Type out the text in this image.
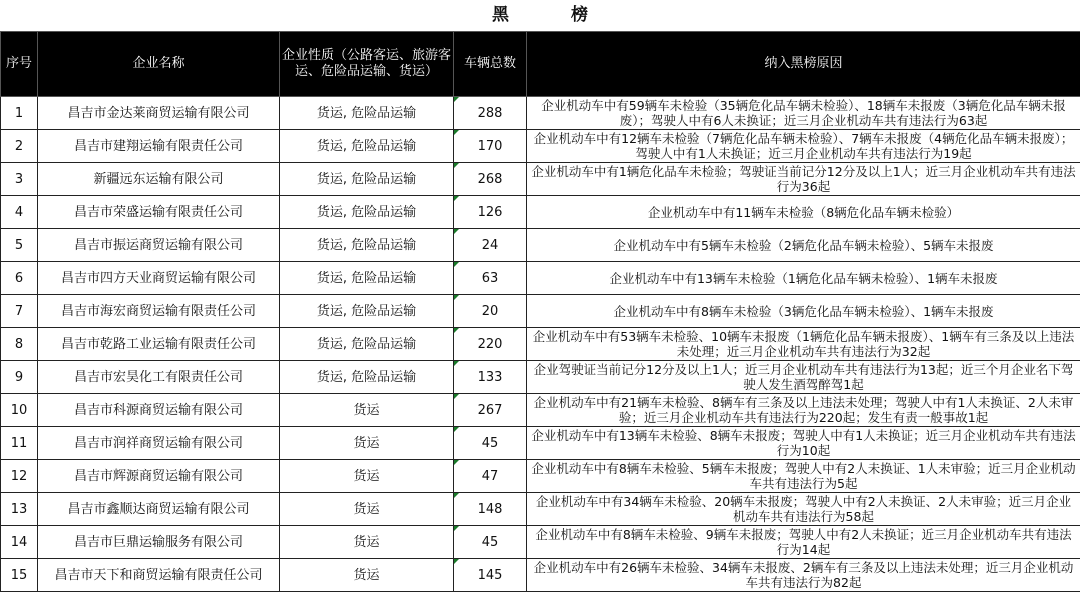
黑 榜
序号	企业名称	企业性质（公路客运、旅游客运、危险品运输、货运）	车辆总数	纳入黑榜原因
1	昌吉市金达莱商贸运输有限公司	货运, 危险品运输	288	企业机动车中有59辆车未检验（35辆危化品车辆未检验）、18辆车未报废（3辆危化品车辆未报废）；驾驶人中有6人未换证；近三月企业机动车共有违法行为63起
2	昌吉市建翔运输有限责任公司	货运, 危险品运输	170	企业机动车中有12辆车未检验（7辆危化品车辆未检验）、7辆车未报废（4辆危化品车辆未报废）；驾驶人中有1人未换证；近三月企业机动车共有违法行为19起
3	新疆远东运输有限公司	货运, 危险品运输	268	企业机动车中有1辆危化品车未检验；驾驶证当前记分12分及以上1人；近三月企业机动车共有违法行为36起
4	昌吉市荣盛运输有限责任公司	货运, 危险品运输	126	企业机动车中有11辆车未检验（8辆危化品车辆未检验）
5	昌吉市振运商贸运输有限公司	货运, 危险品运输	24	企业机动车中有5辆车未检验（2辆危化品车辆未检验）、5辆车未报废
6	昌吉市四方天业商贸运输有限公司	货运, 危险品运输	63	企业机动车中有13辆车未检验（1辆危化品车辆未检验）、1辆车未报废
7	昌吉市海宏商贸运输有限责任公司	货运, 危险品运输	20	企业机动车中有8辆车未检验（3辆危化品车辆未检验）、1辆车未报废
8	昌吉市乾路工业运输有限责任公司	货运, 危险品运输	220	企业机动车中有53辆车未检验、10辆车未报废（1辆危化品车辆未报废）、1辆车有三条及以上违法未处理；近三月企业机动车共有违法行为32起
9	昌吉市宏昊化工有限责任公司	货运, 危险品运输	133	企业驾驶证当前记分12分及以上1人；近三月企业机动车共有违法行为13起；近三个月企业名下驾驶人发生酒驾醉驾1起
10	昌吉市科源商贸运输有限公司	货运	267	企业机动车中有21辆车未检验、8辆车有三条及以上违法未处理；驾驶人中有1人未换证、2人未审验；近三月企业机动车共有违法行为220起；发生有责一般事故1起
11	昌吉市润祥商贸运输有限公司	货运	45	企业机动车中有13辆车未检验、8辆车未报废；驾驶人中有1人未换证；近三月企业机动车共有违法行为10起
12	昌吉市辉源商贸运输有限公司	货运	47	企业机动车中有8辆车未检验、5辆车未报废；驾驶人中有2人未换证、1人未审验；近三月企业机动车共有违法行为5起
13	昌吉市鑫顺达商贸运输有限公司	货运	148	企业机动车中有34辆车未检验、20辆车未报废；驾驶人中有2人未换证、2人未审验；近三月企业机动车共有违法行为58起
14	昌吉市巨鼎运输服务有限公司	货运	45	企业机动车中有8辆车未检验、9辆车未报废；驾驶人中有2人未换证；近三月企业机动车共有违法行为14起
15	昌吉市天下和商贸运输有限责任公司	货运	145	企业机动车中有26辆车未检验、34辆车未报废、2辆车有三条及以上违法未处理；近三月企业机动车共有违法行为82起
